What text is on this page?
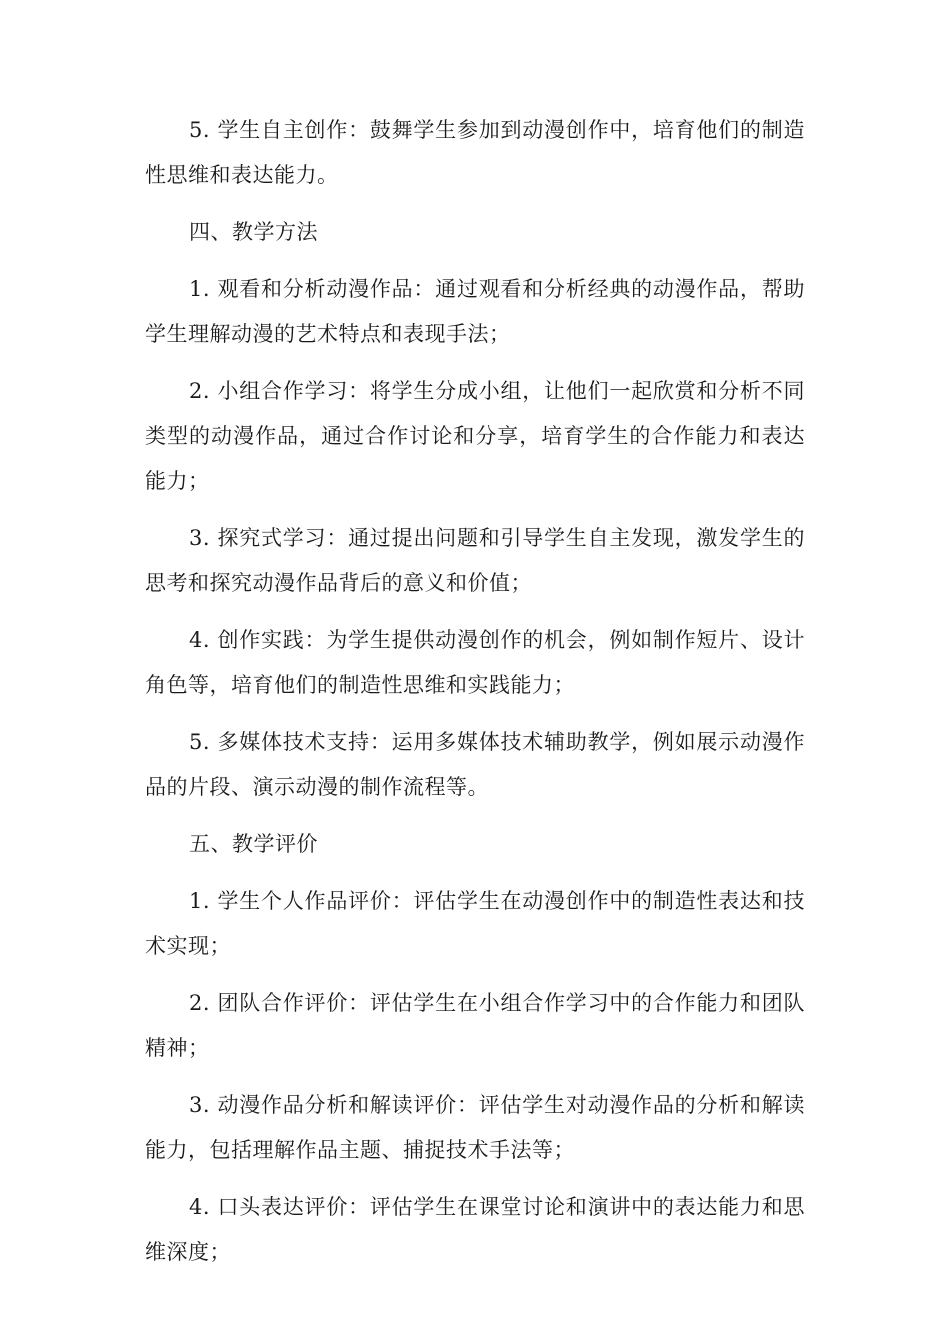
5. 学生自主创作：鼓舞学生参加到动漫创作中，培育他们的制造性思维和表达能力。

四、教学方法

1. 观看和分析动漫作品：通过观看和分析经典的动漫作品，帮助学生理解动漫的艺术特点和表现手法；

2. 小组合作学习：将学生分成小组，让他们一起欣赏和分析不同类型的动漫作品，通过合作讨论和分享，培育学生的合作能力和表达能力；

3. 探究式学习：通过提出问题和引导学生自主发现，激发学生的思考和探究动漫作品背后的意义和价值；

4. 创作实践：为学生提供动漫创作的机会，例如制作短片、设计角色等，培育他们的制造性思维和实践能力；

5. 多媒体技术支持：运用多媒体技术辅助教学，例如展示动漫作品的片段、演示动漫的制作流程等。

五、教学评价

1. 学生个人作品评价：评估学生在动漫创作中的制造性表达和技术实现；

2. 团队合作评价：评估学生在小组合作学习中的合作能力和团队精神；

3. 动漫作品分析和解读评价：评估学生对动漫作品的分析和解读能力，包括理解作品主题、捕捉技术手法等；

4. 口头表达评价：评估学生在课堂讨论和演讲中的表达能力和思维深度；
